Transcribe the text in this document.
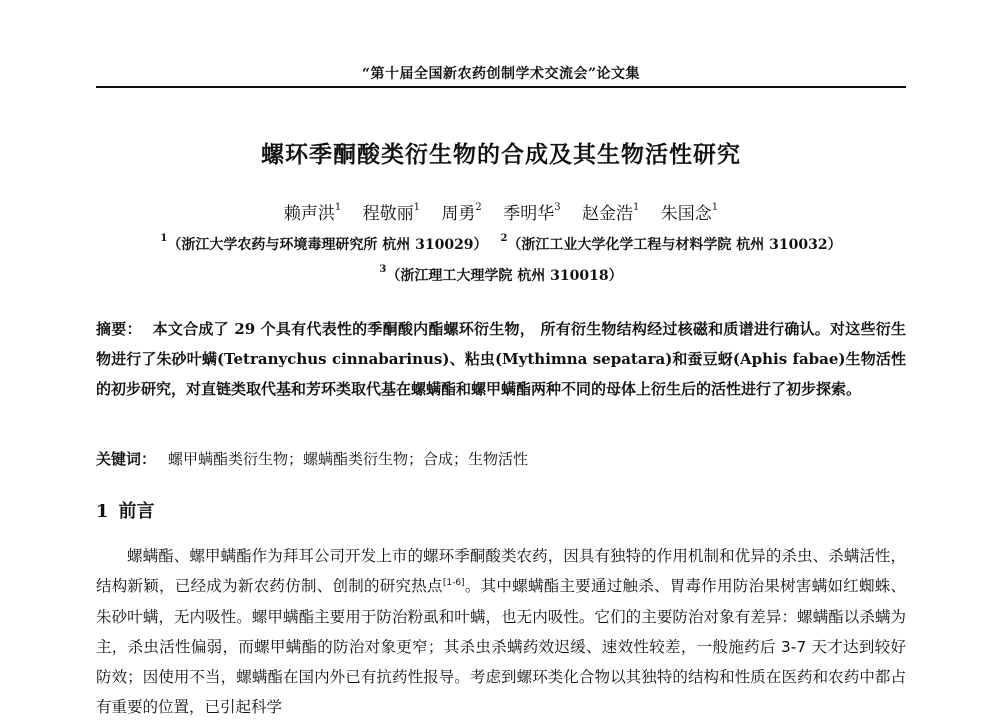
“第十届全国新农药创制学术交流会”论文集
螺环季酮酸类衍生物的合成及其生物活性研究
赖声洪$^1$ 程敬丽$^1$ 周勇$^2$ 季明华$^3$ 赵金浩$^1$ 朱国念$^1$
$^1$（浙江大学农药与环境毒理研究所 杭州 310029） $^2$（浙江工业大学化学工程与材料学院 杭州 310032）
$^3$（浙江理工大理学院 杭州 310018）
摘要： 本文合成了 29 个具有代表性的季酮酸内酯螺环衍生物， 所有衍生物结构经过核磁和质谱进行确认。对这些衍生物进行了朱砂叶螨(Tetranychus cinnabarinus)、粘虫(Mythimna sepatara)和蚕豆蚜(Aphis fabae)生物活性的初步研究，对直链类取代基和芳环类取代基在螺螨酯和螺甲螨酯两种不同的母体上衍生后的活性进行了初步探索。
关键词： 螺甲螨酯类衍生物；螺螨酯类衍生物；合成；生物活性
1 前言
螺螨酯、螺甲螨酯作为拜耳公司开发上市的螺环季酮酸类农药，因具有独特的作用机制和优异的杀虫、杀螨活性，结构新颖，已经成为新农药仿制、创制的研究热点[1-6]。其中螺螨酯主要通过触杀、胃毒作用防治果树害螨如红蜘蛛、朱砂叶螨，无内吸性。螺甲螨酯主要用于防治粉虱和叶螨，也无内吸性。它们的主要防治对象有差异：螺螨酯以杀螨为主，杀虫活性偏弱，而螺甲螨酯的防治对象更窄；其杀虫杀螨药效迟缓、速效性较差，一般施药后 3-7 天才达到较好防效；因使用不当，螺螨酯在国内外已有抗药性报导。考虑到螺环类化合物以其独特的结构和性质在医药和农药中都占有重要的位置，已引起科学
